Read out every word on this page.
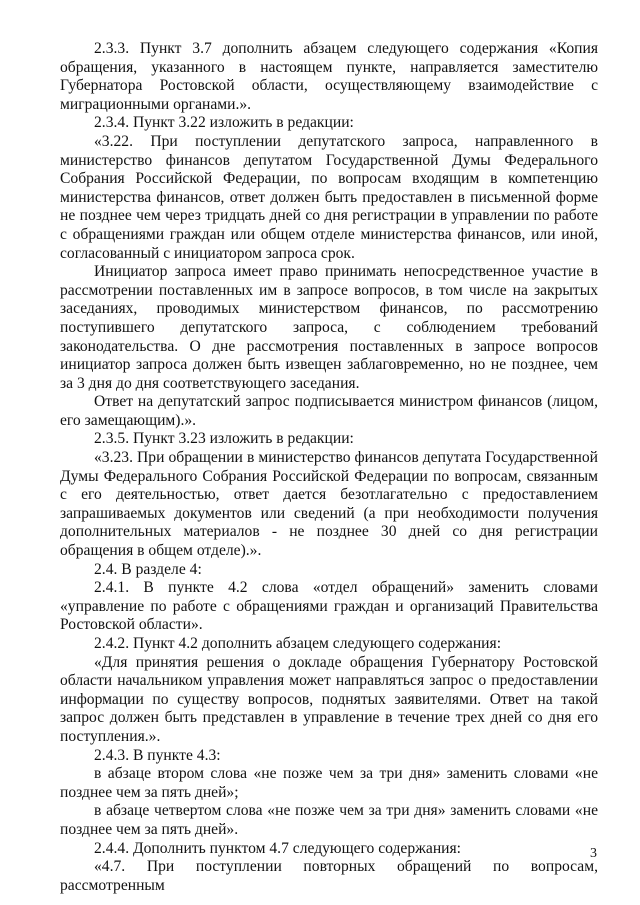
2.3.3. Пункт 3.7 дополнить абзацем следующего содержания «Копия обращения, указанного в настоящем пункте, направляется заместителю Губернатора Ростовской области, осуществляющему взаимодействие с миграционными органами.».

2.3.4. Пункт 3.22 изложить в редакции:

«3.22. При поступлении депутатского запроса, направленного в министерство финансов депутатом Государственной Думы Федерального Собрания Российской Федерации, по вопросам входящим в компетенцию министерства финансов, ответ должен быть предоставлен в письменной форме не позднее чем через тридцать дней со дня регистрации в управлении по работе с обращениями граждан или общем отделе министерства финансов, или иной, согласованный с инициатором запроса срок.

Инициатор запроса имеет право принимать непосредственное участие в рассмотрении поставленных им в запросе вопросов, в том числе на закрытых заседаниях, проводимых министерством финансов, по рассмотрению поступившего депутатского запроса, с соблюдением требований законодательства. О дне рассмотрения поставленных в запросе вопросов инициатор запроса должен быть извещен заблаговременно, но не позднее, чем за 3 дня до дня соответствующего заседания.

Ответ на депутатский запрос подписывается министром финансов (лицом, его замещающим).».

2.3.5. Пункт 3.23 изложить в редакции:

«3.23. При обращении в министерство финансов депутата Государственной Думы Федерального Собрания Российской Федерации по вопросам, связанным с его деятельностью, ответ дается безотлагательно с предоставлением запрашиваемых документов или сведений (а при необходимости получения дополнительных материалов - не позднее 30 дней со дня регистрации обращения в общем отделе).».

2.4. В разделе 4:

2.4.1. В пункте 4.2 слова «отдел обращений» заменить словами «управление по работе с обращениями граждан и организаций Правительства Ростовской области».

2.4.2. Пункт 4.2 дополнить абзацем следующего содержания:

«Для принятия решения о докладе обращения Губернатору Ростовской области начальником управления может направляться запрос о предоставлении информации по существу вопросов, поднятых заявителями. Ответ на такой запрос должен быть представлен в управление в течение трех дней со дня его поступления.».

2.4.3. В пункте 4.3:

в абзаце втором слова «не позже чем за три дня» заменить словами «не позднее чем за пять дней»;

в абзаце четвертом слова «не позже чем за три дня» заменить словами «не позднее чем за пять дней».

2.4.4. Дополнить пунктом 4.7 следующего содержания:

«4.7. При поступлении повторных обращений по вопросам, рассмотренным

3
